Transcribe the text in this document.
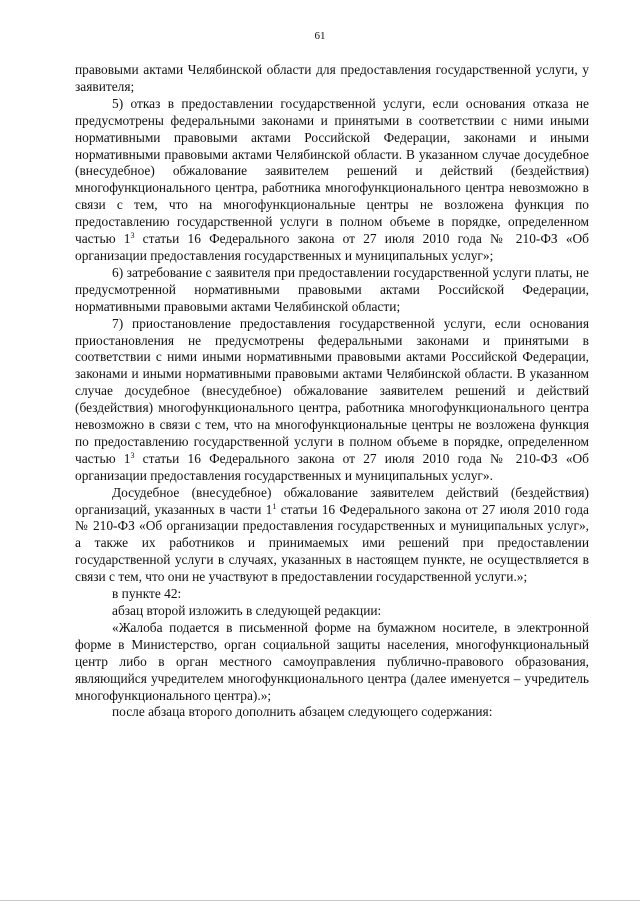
61

правовыми актами Челябинской области для предоставления государственной услуги, у заявителя;

5) отказ в предоставлении государственной услуги, если основания отказа не предусмотрены федеральными законами и принятыми в соответствии с ними иными нормативными правовыми актами Российской Федерации, законами и иными нормативными правовыми актами Челябинской области. В указанном случае досудебное (внесудебное) обжалование заявителем решений и действий (бездействия) многофункционального центра, работника многофункционального центра невозможно в связи с тем, что на многофункциональные центры не возложена функция по предоставлению государственной услуги в полном объеме в порядке, определенном частью $1^3$ статьи 16 Федерального закона от 27 июля 2010 года № 210-ФЗ «Об организации предоставления государственных и муниципальных услуг»;

6) затребование с заявителя при предоставлении государственной услуги платы, не предусмотренной нормативными правовыми актами Российской Федерации, нормативными правовыми актами Челябинской области;

7) приостановление предоставления государственной услуги, если основания приостановления не предусмотрены федеральными законами и принятыми в соответствии с ними иными нормативными правовыми актами Российской Федерации, законами и иными нормативными правовыми актами Челябинской области. В указанном случае досудебное (внесудебное) обжалование заявителем решений и действий (бездействия) многофункционального центра, работника многофункционального центра невозможно в связи с тем, что на многофункциональные центры не возложена функция по предоставлению государственной услуги в полном объеме в порядке, определенном частью $1^3$ статьи 16 Федерального закона от 27 июля 2010 года № 210-ФЗ «Об организации предоставления государственных и муниципальных услуг».

Досудебное (внесудебное) обжалование заявителем действий (бездействия) организаций, указанных в части $1^1$ статьи 16 Федерального закона от 27 июля 2010 года № 210-ФЗ «Об организации предоставления государственных и муниципальных услуг», а также их работников и принимаемых ими решений при предоставлении государственной услуги в случаях, указанных в настоящем пункте, не осуществляется в связи с тем, что они не участвуют в предоставлении государственной услуги.»;

в пункте 42:

абзац второй изложить в следующей редакции:

«Жалоба подается в письменной форме на бумажном носителе, в электронной форме в Министерство, орган социальной защиты населения, многофункциональный центр либо в орган местного самоуправления публично-правового образования, являющийся учредителем многофункционального центра (далее именуется – учредитель многофункционального центра).»;

после абзаца второго дополнить абзацем следующего содержания:
